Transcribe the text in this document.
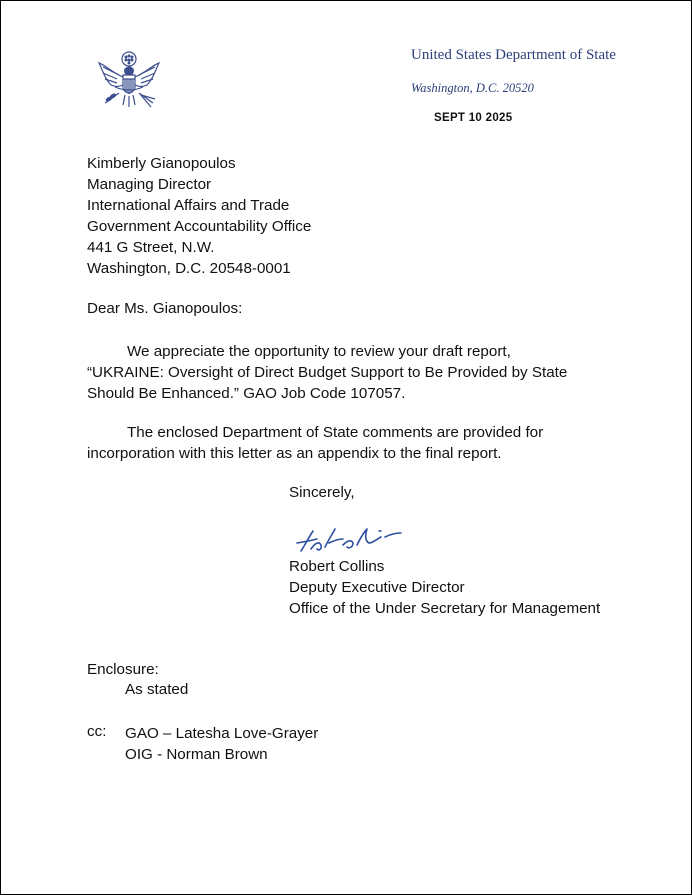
United States Department of State
Washington, D.C. 20520
SEPT 10 2025
Kimberly Gianopoulos
Managing Director
International Affairs and Trade
Government Accountability Office
441 G Street, N.W.
Washington, D.C. 20548-0001
Dear Ms. Gianopoulos:
We appreciate the opportunity to review your draft report,
“UKRAINE: Oversight of Direct Budget Support to Be Provided by State
Should Be Enhanced.” GAO Job Code 107057.
The enclosed Department of State comments are provided for
incorporation with this letter as an appendix to the final report.
Sincerely,
Robert Collins
Deputy Executive Director
Office of the Under Secretary for Management
Enclosure:
As stated
cc: GAO – Latesha Love-Grayer
OIG - Norman Brown
